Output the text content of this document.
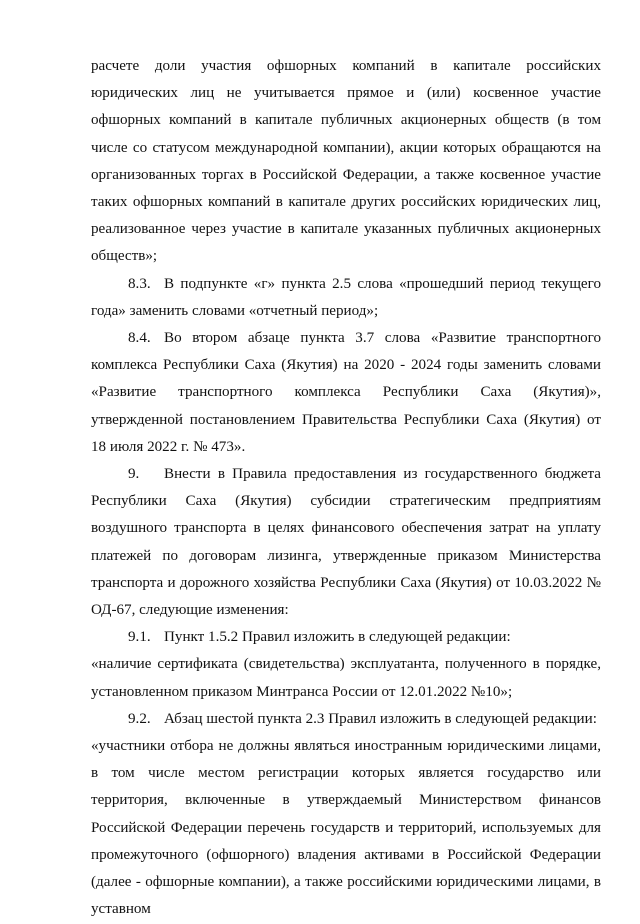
расчете доли участия офшорных компаний в капитале российских юридических лиц не учитывается прямое и (или) косвенное участие офшорных компаний в капитале публичных акционерных обществ (в том числе со статусом международной компании), акции которых обращаются на организованных торгах в Российской Федерации, а также косвенное участие таких офшорных компаний в капитале других российских юридических лиц, реализованное через участие в капитале указанных публичных акционерных обществ»;

8.3. В подпункте «г» пункта 2.5 слова «прошедший период текущего года» заменить словами «отчетный период»;

8.4. Во втором абзаце пункта 3.7 слова «Развитие транспортного комплекса Республики Саха (Якутия) на 2020 - 2024 годы заменить словами «Развитие транспортного комплекса Республики Саха (Якутия)», утвержденной постановлением Правительства Республики Саха (Якутия) от 18 июля 2022 г. № 473».

9. Внести в Правила предоставления из государственного бюджета Республики Саха (Якутия) субсидии стратегическим предприятиям воздушного транспорта в целях финансового обеспечения затрат на уплату платежей по договорам лизинга, утвержденные приказом Министерства транспорта и дорожного хозяйства Республики Саха (Якутия) от 10.03.2022 № ОД-67, следующие изменения:

9.1. Пункт 1.5.2 Правил изложить в следующей редакции:

«наличие сертификата (свидетельства) эксплуатанта, полученного в порядке, установленном приказом Минтранса России от 12.01.2022 №10»;

9.2. Абзац шестой пункта 2.3 Правил изложить в следующей редакции:

«участники отбора не должны являться иностранным юридическими лицами, в том числе местом регистрации которых является государство или территория, включенные в утверждаемый Министерством финансов Российской Федерации перечень государств и территорий, используемых для промежуточного (офшорного) владения активами в Российской Федерации (далее - офшорные компании), а также российскими юридическими лицами, в уставном
